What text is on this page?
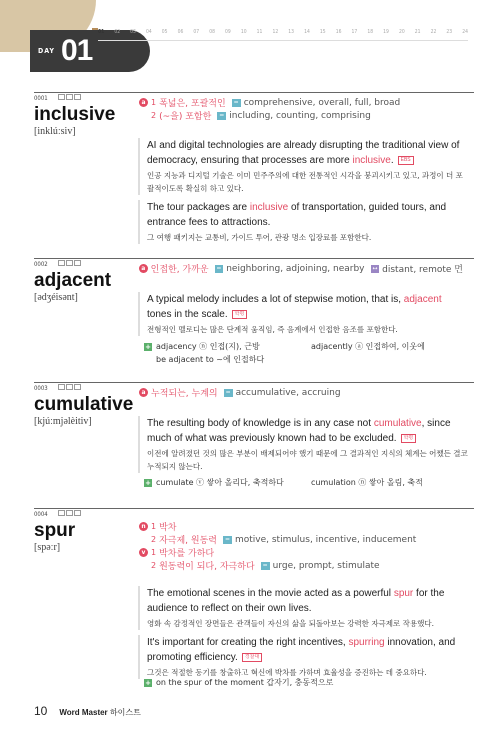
DAY 01
01 02 03 04 05 06 07 08 09 10 11 12 13 14 15 16 17 18 19 20 21 22 23 24
0001
inclusive
[inklúːsiv]
a 1 폭넓은, 포괄적인	= comprehensive, overall, full, broad
2 (~을) 포함한	= including, counting, comprising
AI and digital technologies are already disrupting the traditional view of democracy, ensuring that processes are more inclusive. EBS
인공 지능과 디지털 기술은 이미 민주주의에 대한 전통적인 시각을 붕괴시키고 있고, 과정이 더 포괄적이도록 확실히 하고 있다.
The tour packages are inclusive of transportation, guided tours, and entrance fees to attractions.
그 여행 패키지는 교통비, 가이드 투어, 관광 명소 입장료를 포함한다.
0002
adjacent
[ədʒéisənt]
a 인접한, 가까운	= neighboring, adjoining, nearby	↔ distant, remote 먼
A typical melody includes a lot of stepwise motion, that is, adjacent tones in the scale. 학평
전형적인 멜로디는 많은 단계적 움직임, 즉 음계에서 인접한 음조를 포함한다.
+ adjacency ⓝ 인접(지), 근방	adjacently ⓐ 인접하여, 이웃에
be adjacent to ~에 인접하다
0003
cumulative
[kjúːmjəlèitiv]
a 누적되는, 누계의	= accumulative, accruing
The resulting body of knowledge is in any case not cumulative, since much of what was previously known had to be excluded. 학평
이전에 알려졌던 것의 많은 부분이 배제되어야 했기 때문에 그 결과적인 지식의 체계는 어쨌든 결코 누적되지 않는다.
+ cumulate ⓥ 쌓아 올리다, 축적하다	cumulation ⓝ 쌓아 올림, 축적
0004
spur
[spəːr]
n 1 박차
2 자극제, 원동력	= motive, stimulus, incentive, inducement
v 1 박차를 가하다
2 원동력이 되다, 자극하다	= urge, prompt, stimulate
The emotional scenes in the movie acted as a powerful spur for the audience to reflect on their own lives.
영화 속 감정적인 장면들은 관객들이 자신의 삶을 되돌아보는 강력한 자극제로 작용했다.
It's important for creating the right incentives, spurring innovation, and promoting efficiency. 경찰대
그것은 적절한 동기를 창출하고 혁신에 박차를 가하며 효율성을 증진하는 데 중요하다.
+ on the spur of the moment 갑자기, 충동적으로
10 Word Master 하이스트
